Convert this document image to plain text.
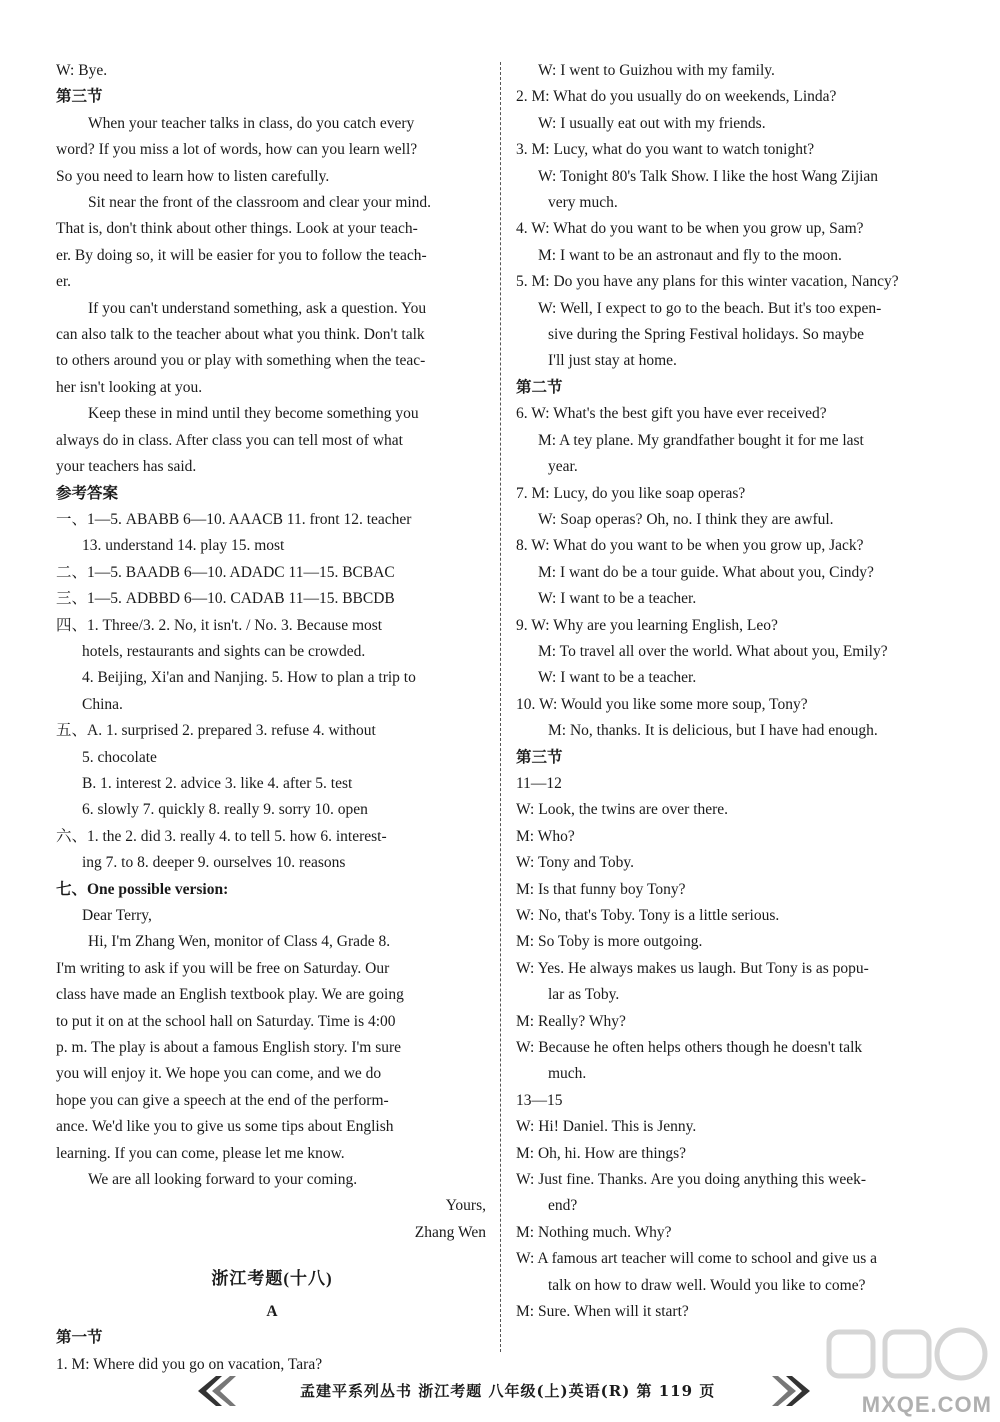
W: Bye.
第三节
When your teacher talks in class, do you catch every
word? If you miss a lot of words, how can you learn well?
So you need to learn how to listen carefully.
Sit near the front of the classroom and clear your mind.
That is, don't think about other things. Look at your teach-
er. By doing so, it will be easier for you to follow the teach-
er.
If you can't understand something, ask a question. You
can also talk to the teacher about what you think. Don't talk
to others around you or play with something when the teac-
her isn't looking at you.
Keep these in mind until they become something you
always do in class. After class you can tell most of what
your teachers has said.
参考答案
一、1—5. ABABB 6—10. AAACB 11. front 12. teacher
13. understand 14. play 15. most
二、1—5. BAADB 6—10. ADADC 11—15. BCBAC
三、1—5. ADBBD 6—10. CADAB 11—15. BBCDB
四、1. Three/3. 2. No, it isn't. / No. 3. Because most
hotels, restaurants and sights can be crowded.
4. Beijing, Xi'an and Nanjing. 5. How to plan a trip to
China.
五、A. 1. surprised 2. prepared 3. refuse 4. without
5. chocolate
B. 1. interest 2. advice 3. like 4. after 5. test
6. slowly 7. quickly 8. really 9. sorry 10. open
六、1. the 2. did 3. really 4. to tell 5. how 6. interest-
ing 7. to 8. deeper 9. ourselves 10. reasons
七、One possible version:
Dear Terry,
Hi, I'm Zhang Wen, monitor of Class 4, Grade 8.
I'm writing to ask if you will be free on Saturday. Our
class have made an English textbook play. We are going
to put it on at the school hall on Saturday. Time is 4:00
p. m. The play is about a famous English story. I'm sure
you will enjoy it. We hope you can come, and we do
hope you can give a speech at the end of the perform-
ance. We'd like you to give us some tips about English
learning. If you can come, please let me know.
We are all looking forward to your coming.
Yours,
Zhang Wen
浙江考题(十八)
A
第一节
1. M: Where did you go on vacation, Tara?
W: I went to Guizhou with my family.
2. M: What do you usually do on weekends, Linda?
W: I usually eat out with my friends.
3. M: Lucy, what do you want to watch tonight?
W: Tonight 80's Talk Show. I like the host Wang Zijian
very much.
4. W: What do you want to be when you grow up, Sam?
M: I want to be an astronaut and fly to the moon.
5. M: Do you have any plans for this winter vacation, Nancy?
W: Well, I expect to go to the beach. But it's too expen-
sive during the Spring Festival holidays. So maybe
I'll just stay at home.
第二节
6. W: What's the best gift you have ever received?
M: A tey plane. My grandfather bought it for me last
year.
7. M: Lucy, do you like soap operas?
W: Soap operas? Oh, no. I think they are awful.
8. W: What do you want to be when you grow up, Jack?
M: I want do be a tour guide. What about you, Cindy?
W: I want to be a teacher.
9. W: Why are you learning English, Leo?
M: To travel all over the world. What about you, Emily?
W: I want to be a teacher.
10. W: Would you like some more soup, Tony?
M: No, thanks. It is delicious, but I have had enough.
第三节
11—12
W: Look, the twins are over there.
M: Who?
W: Tony and Toby.
M: Is that funny boy Tony?
W: No, that's Toby. Tony is a little serious.
M: So Toby is more outgoing.
W: Yes. He always makes us laugh. But Tony is as popu-
lar as Toby.
M: Really? Why?
W: Because he often helps others though he doesn't talk
much.
13—15
W: Hi! Daniel. This is Jenny.
M: Oh, hi. How are things?
W: Just fine. Thanks. Are you doing anything this week-
end?
M: Nothing much. Why?
W: A famous art teacher will come to school and give us a
talk on how to draw well. Would you like to come?
M: Sure. When will it start?
孟建平系列丛书 浙江考题 八年级(上)英语(R) 第 119 页
MXQE.COM
